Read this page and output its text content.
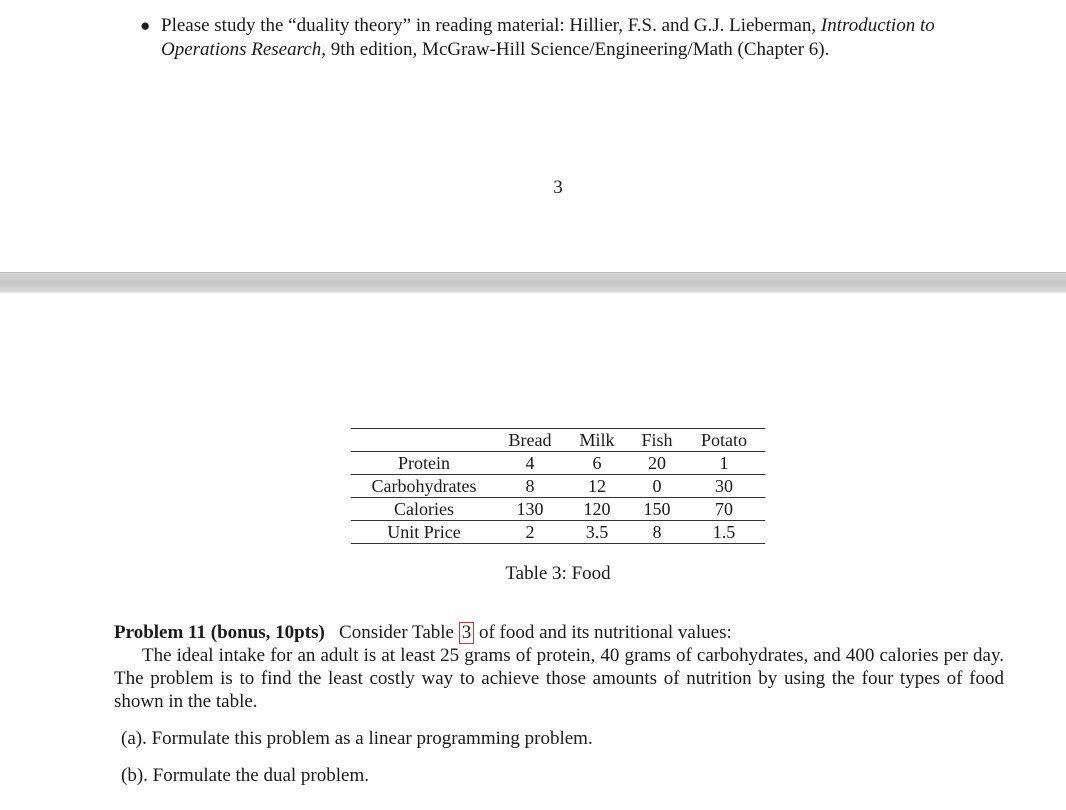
● Please study the “duality theory” in reading material: Hillier, F.S. and G.J. Lieberman, Introduction to Operations Research, 9th edition, McGraw-Hill Science/Engineering/Math (Chapter 6).
3
	Bread	Milk	Fish	Potato
Protein	4	6	20	1
Carbohydrates	8	12	0	30
Calories	130	120	150	70
Unit Price	2	3.5	8	1.5
Table 3: Food

Problem 11 (bonus, 10pts) Consider Table 3 of food and its nutritional values:

The ideal intake for an adult is at least 25 grams of protein, 40 grams of carbohydrates, and 400 calories per day. The problem is to find the least costly way to achieve those amounts of nutrition by using the four types of food shown in the table.

(a). Formulate this problem as a linear programming problem.
(b). Formulate the dual problem.
